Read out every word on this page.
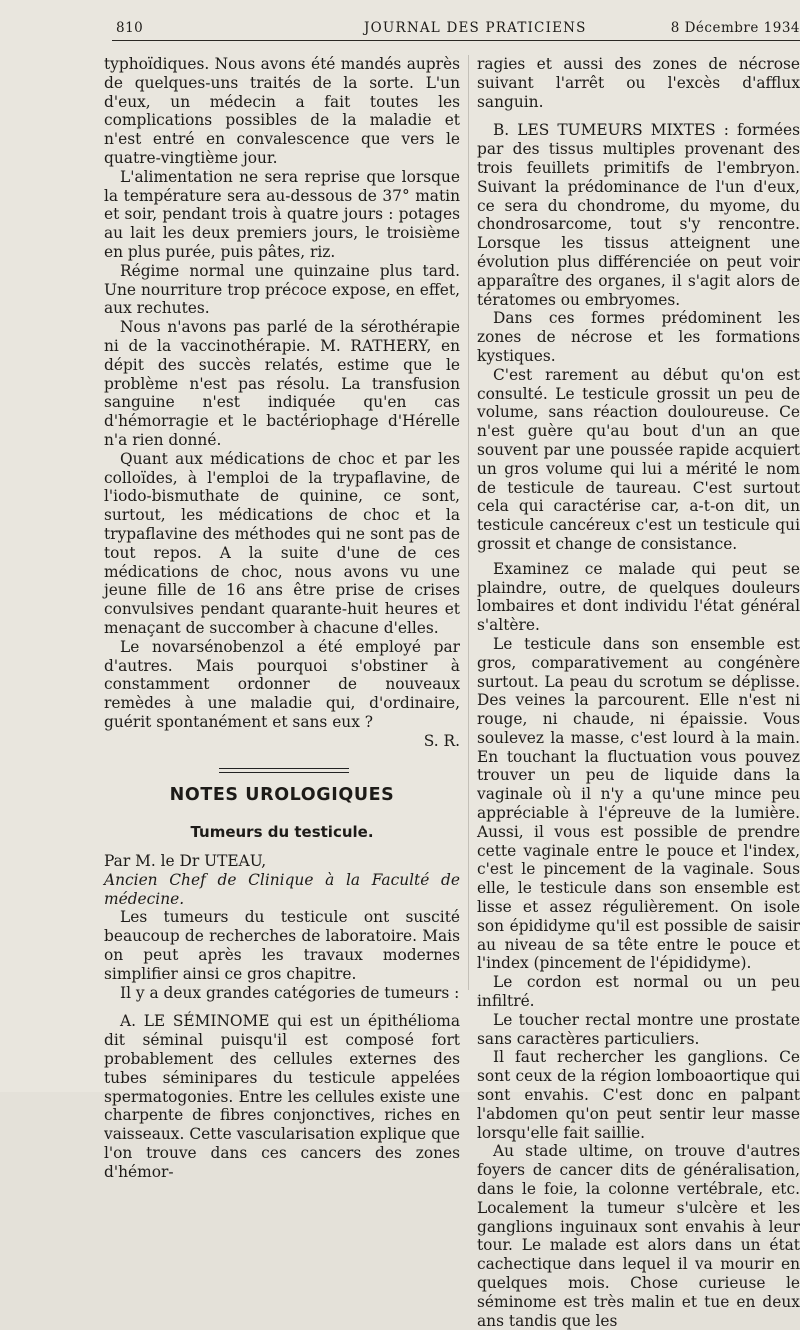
810	JOURNAL DES PRATICIENS	8 Décembre 1934

typhoïdiques. Nous avons été mandés auprès de quelques-uns traités de la sorte. L'un d'eux, un médecin a fait toutes les complications possibles de la maladie et n'est entré en convalescence que vers le quatre-vingtième jour.

L'alimentation ne sera reprise que lorsque la température sera au-dessous de 37° matin et soir, pendant trois à quatre jours : potages au lait les deux premiers jours, le troisième en plus purée, puis pâtes, riz.

Régime normal une quinzaine plus tard. Une nourriture trop précoce expose, en effet, aux rechutes.

Nous n'avons pas parlé de la sérothérapie ni de la vaccinothérapie. M. RATHERY, en dépit des succès relatés, estime que le problème n'est pas résolu. La transfusion sanguine n'est indiquée qu'en cas d'hémorragie et le bactériophage d'Hérelle n'a rien donné.

Quant aux médications de choc et par les colloïdes, à l'emploi de la trypaflavine, de l'iodo-bismuthate de quinine, ce sont, surtout, les médications de choc et la trypaflavine des méthodes qui ne sont pas de tout repos. A la suite d'une de ces médications de choc, nous avons vu une jeune fille de 16 ans être prise de crises convulsives pendant quarante-huit heures et menaçant de succomber à chacune d'elles.

Le novarsénobenzol a été employé par d'autres. Mais pourquoi s'obstiner à constamment ordonner de nouveaux remèdes à une maladie qui, d'ordinaire, guérit spontanément et sans eux ?

S. R.

NOTES UROLOGIQUES
Tumeurs du testicule.

Par M. le Dr UTEAU,

Ancien Chef de Clinique à la Faculté de médecine.

Les tumeurs du testicule ont suscité beaucoup de recherches de laboratoire. Mais on peut après les travaux modernes simplifier ainsi ce gros chapitre.

Il y a deux grandes catégories de tumeurs :

A. LE SÉMINOME qui est un épithélioma dit séminal puisqu'il est composé fort probablement des cellules externes des tubes séminipares du testicule appelées spermatogonies. Entre les cellules existe une charpente de fibres conjonctives, riches en vaisseaux. Cette vascularisation explique que l'on trouve dans ces cancers des zones d'hémor-

ragies et aussi des zones de nécrose suivant l'arrêt ou l'excès d'afflux sanguin.

B. LES TUMEURS MIXTES : formées par des tissus multiples provenant des trois feuillets primitifs de l'embryon. Suivant la prédominance de l'un d'eux, ce sera du chondrome, du myome, du chondrosarcome, tout s'y rencontre. Lorsque les tissus atteignent une évolution plus différenciée on peut voir apparaître des organes, il s'agit alors de tératomes ou embryomes.

Dans ces formes prédominent les zones de nécrose et les formations kystiques.

C'est rarement au début qu'on est consulté. Le testicule grossit un peu de volume, sans réaction douloureuse. Ce n'est guère qu'au bout d'un an que souvent par une poussée rapide acquiert un gros volume qui lui a mérité le nom de testicule de taureau. C'est surtout cela qui caractérise car, a-t-on dit, un testicule cancéreux c'est un testicule qui grossit et change de consistance.

Examinez ce malade qui peut se plaindre, outre, de quelques douleurs lombaires et dont individu l'état général s'altère.

Le testicule dans son ensemble est gros, comparativement au congénère surtout. La peau du scrotum se déplisse. Des veines la parcourent. Elle n'est ni rouge, ni chaude, ni épaissie. Vous soulevez la masse, c'est lourd à la main. En touchant la fluctuation vous pouvez trouver un peu de liquide dans la vaginale où il n'y a qu'une mince peu appréciable à l'épreuve de la lumière. Aussi, il vous est possible de prendre cette vaginale entre le pouce et l'index, c'est le pincement de la vaginale. Sous elle, le testicule dans son ensemble est lisse et assez régulièrement. On isole son épididyme qu'il est possible de saisir au niveau de sa tête entre le pouce et l'index (pincement de l'épididyme).

Le cordon est normal ou un peu infiltré.

Le toucher rectal montre une prostate sans caractères particuliers.

Il faut rechercher les ganglions. Ce sont ceux de la région lomboaortique qui sont envahis. C'est donc en palpant l'abdomen qu'on peut sentir leur masse lorsqu'elle fait saillie.

Au stade ultime, on trouve d'autres foyers de cancer dits de généralisation, dans le foie, la colonne vertébrale, etc. Localement la tumeur s'ulcère et les ganglions inguinaux sont envahis à leur tour. Le malade est alors dans un état cachectique dans lequel il va mourir en quelques mois. Chose curieuse le séminome est très malin et tue en deux ans tandis que les
